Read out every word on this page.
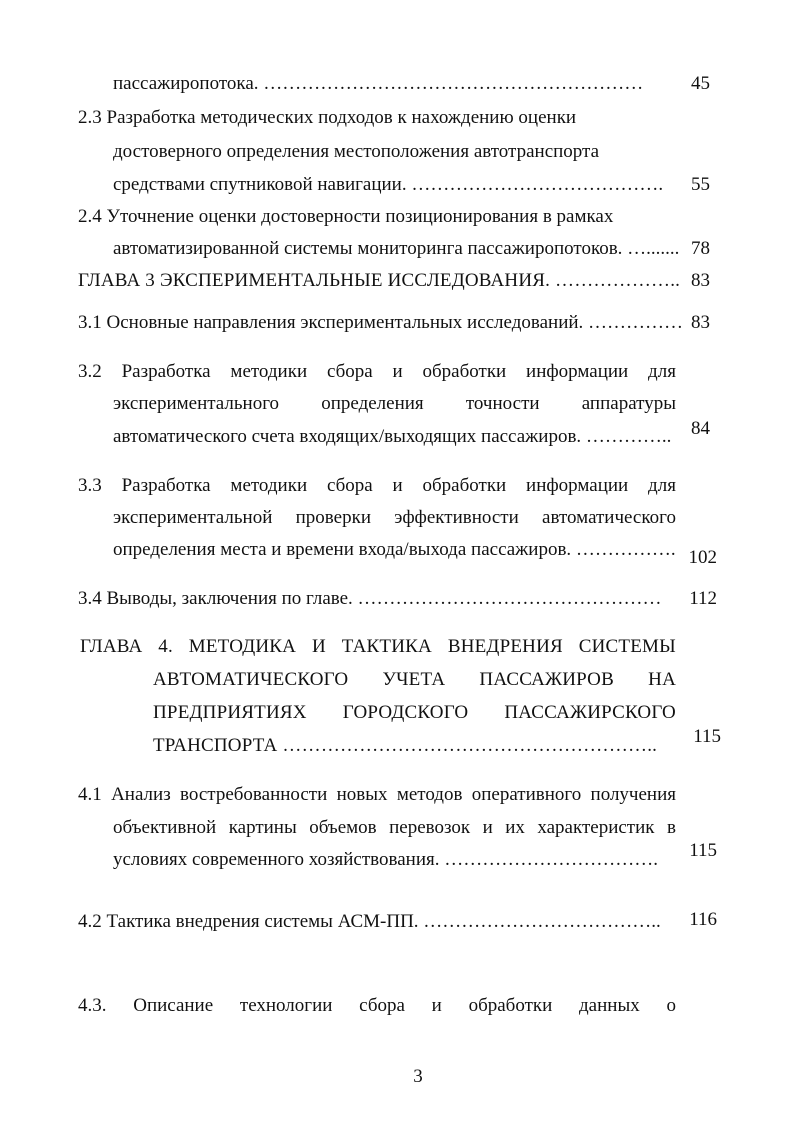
пассажиропотока. ……………………………………………………	45
2.3 Разработка методических подходов к нахождению оценки
достоверного определения местоположения автотранспорта
средствами спутниковой навигации. ………………………………….	55
2.4 Уточнение оценки достоверности позиционирования в рамках
автоматизированной системы мониторинга пассажиропотоков. …....... 78
ГЛАВА 3 ЭКСПЕРИМЕНТАЛЬНЫЕ ИССЛЕДОВАНИЯ. ……………….. 83
3.1 Основные направления экспериментальных исследований. …………… 83
3.2 Разработка методики сбора и обработки информации для
экспериментального определения точности аппаратуры
автоматического счета входящих/выходящих пассажиров. …………..	84
3.3 Разработка методики сбора и обработки информации для
экспериментальной проверки эффективности автоматического
определения места и времени входа/выхода пассажиров. ……………. 102
3.4 Выводы, заключения по главе. …………………………………………	112
ГЛАВА 4. МЕТОДИКА И ТАКТИКА ВНЕДРЕНИЯ СИСТЕМЫ
АВТОМАТИЧЕСКОГО УЧЕТА ПАССАЖИРОВ НА
ПРЕДПРИЯТИЯХ ГОРОДСКОГО ПАССАЖИРСКОГО
ТРАНСПОРТА …………………………………………………..	115
4.1 Анализ востребованности новых методов оперативного получения
объективной картины объемов перевозок и их характеристик в
условиях современного хозяйствования. …………………………….	115
4.2 Тактика внедрения системы АСМ-ПП. ………………………………..	116
4.3. Описание технологии сбора и обработки данных о
3
